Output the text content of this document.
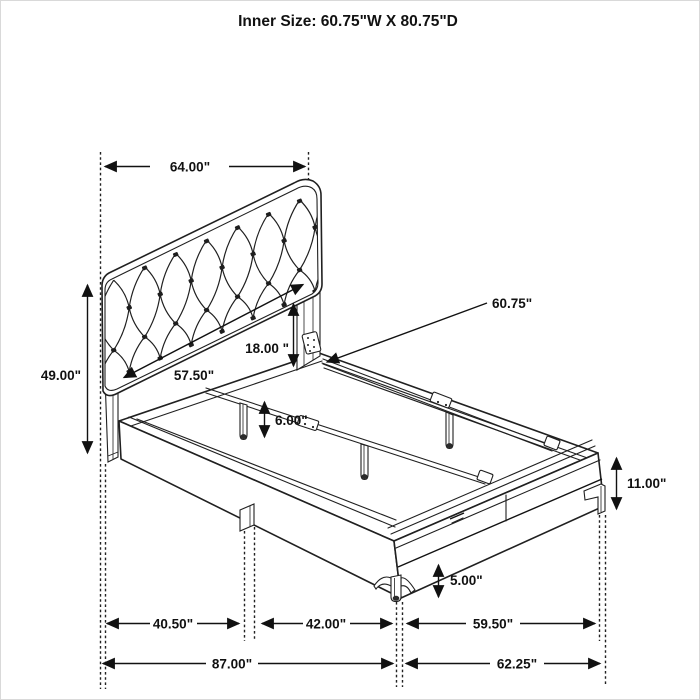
Inner Size: 60.75"W X 80.75"D
64.00"
49.00"	57.50"
18.00 "
60.75"
6.00"
11.00"
5.00"
40.50"	42.00"	59.50"
87.00"	62.25"
